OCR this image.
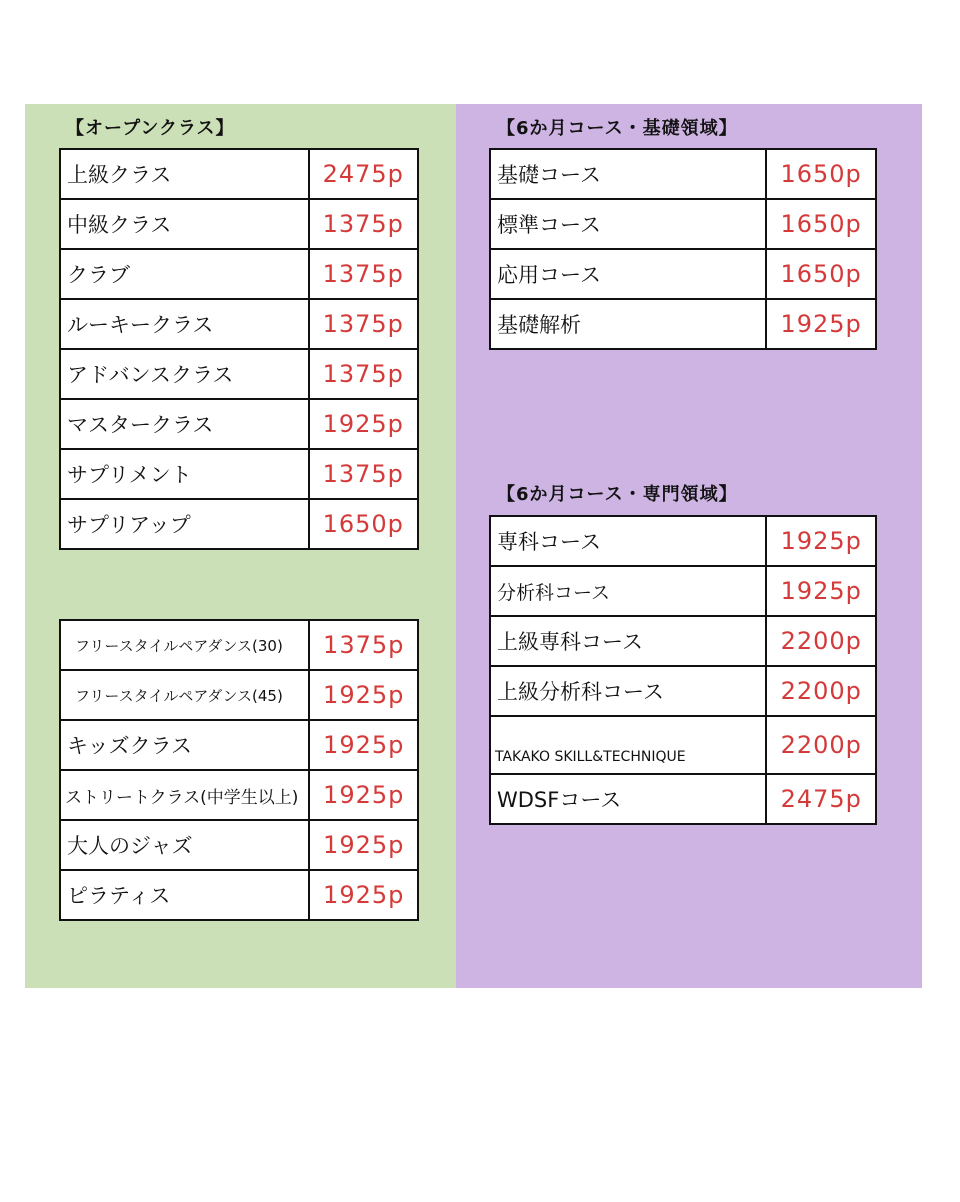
【オープンクラス】
上級クラス	2475p
中級クラス	1375p
クラブ	1375p
ルーキークラス	1375p
アドバンスクラス	1375p
マスタークラス	1925p
サプリメント	1375p
サプリアップ	1650p
フリースタイルペアダンス(30)	1375p
フリースタイルペアダンス(45)	1925p
キッズクラス	1925p
ストリートクラス(中学生以上)	1925p
大人のジャズ	1925p
ピラティス	1925p
【6か月コース・基礎領域】
基礎コース	1650p
標準コース	1650p
応用コース	1650p
基礎解析	1925p
【6か月コース・専門領域】
専科コース	1925p
分析科コース	1925p
上級専科コース	2200p
上級分析科コース	2200p
TAKAKO SKILL&TECHNIQUE	2200p
WDSFコース	2475p
